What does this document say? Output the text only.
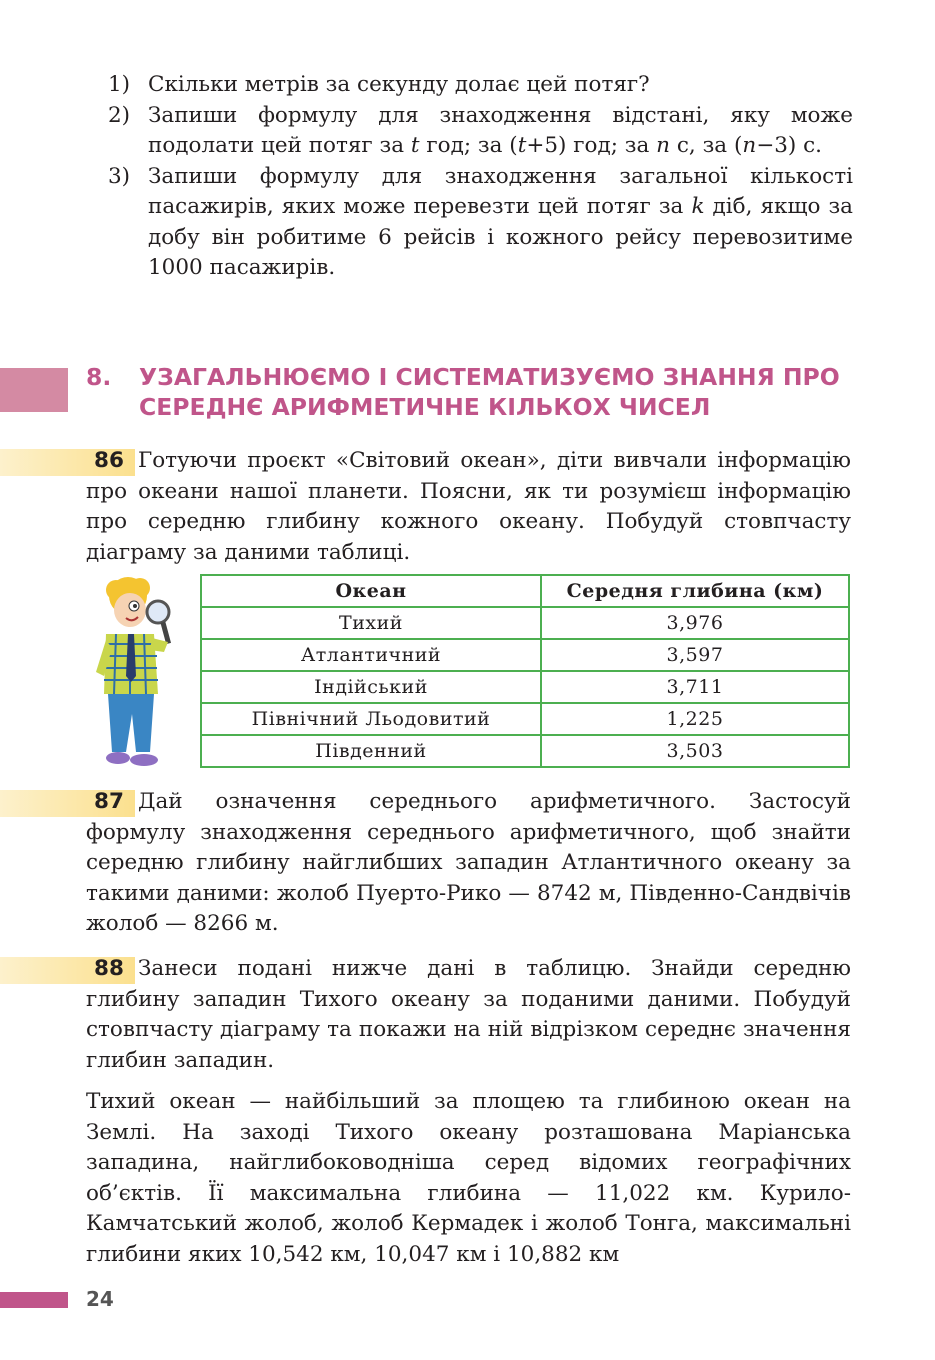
1) Скільки метрів за секунду долає цей потяг?
2) Запиши формулу для знаходження відстані, яку може подолати цей потяг за t год; за (t+5) год; за n с, за (n−3) с.
3) Запиши формулу для знаходження загальної кількості пасажирів, яких може перевезти цей потяг за k діб, якщо за добу він робитиме 6 рейсів і кожного рейсу перевозитиме 1000 пасажирів.
8.	УЗАГАЛЬНЮЄМО І СИСТЕМАТИЗУЄМО ЗНАННЯ ПРО СЕРЕДНЄ АРИФМЕТИЧНЕ КІЛЬКОХ ЧИСЕЛ
86 Готуючи проєкт «Світовий океан», діти вивчали інформацію про океани нашої планети. Поясни, як ти розумієш інформацію про середню глибину кожного океану. Побудуй стовпчасту діаграму за даними таблиці.
Океан	Середня глибина (км)
Тихий	3,976
Атлантичний	3,597
Індійський	3,711
Північний Льодовитий	1,225
Південний	3,503
87 Дай означення середнього арифметичного. Застосуй формулу знаходження середнього арифметичного, щоб знайти середню глибину найглибших западин Атлантичного океану за такими даними: жолоб Пуерто-Рико — 8742 м, Південно-Сандвічів жолоб — 8266 м.
88 Занеси подані нижче дані в таблицю. Знайди середню глибину западин Тихого океану за поданими даними. Побудуй стовпчасту діаграму та покажи на ній відрізком середнє значення глибин западин.
Тихий океан — найбільший за площею та глибиною океан на Землі. На заході Тихого океану розташована Маріанська западина, найглибоководніша серед відомих географічних об’єктів. Її максимальна глибина — 11,022 км. Курило-Камчатський жолоб, жолоб Кермадек і жолоб Тонга, максимальні глибини яких 10,542 км, 10,047 км і 10,882 км
24
